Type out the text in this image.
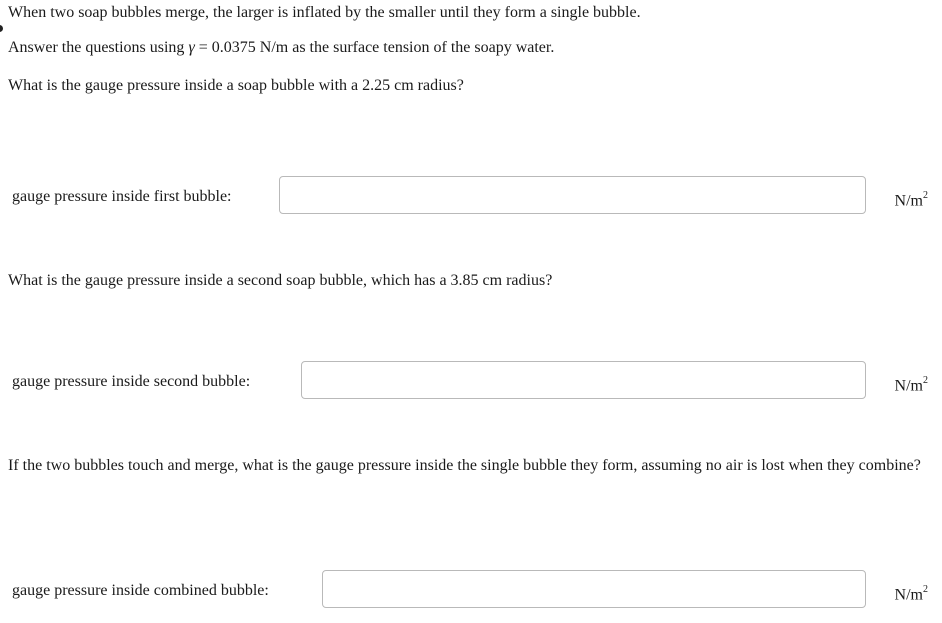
When two soap bubbles merge, the larger is inflated by the smaller until they form a single bubble.

Answer the questions using γ = 0.0375 N/m as the surface tension of the soapy water.

What is the gauge pressure inside a soap bubble with a 2.25 cm radius?

gauge pressure inside first bubble:	$N/m^2$

What is the gauge pressure inside a second soap bubble, which has a 3.85 cm radius?

gauge pressure inside second bubble:	$N/m^2$

If the two bubbles touch and merge, what is the gauge pressure inside the single bubble they form, assuming no air is lost when they combine?

gauge pressure inside combined bubble:	$N/m^2$
